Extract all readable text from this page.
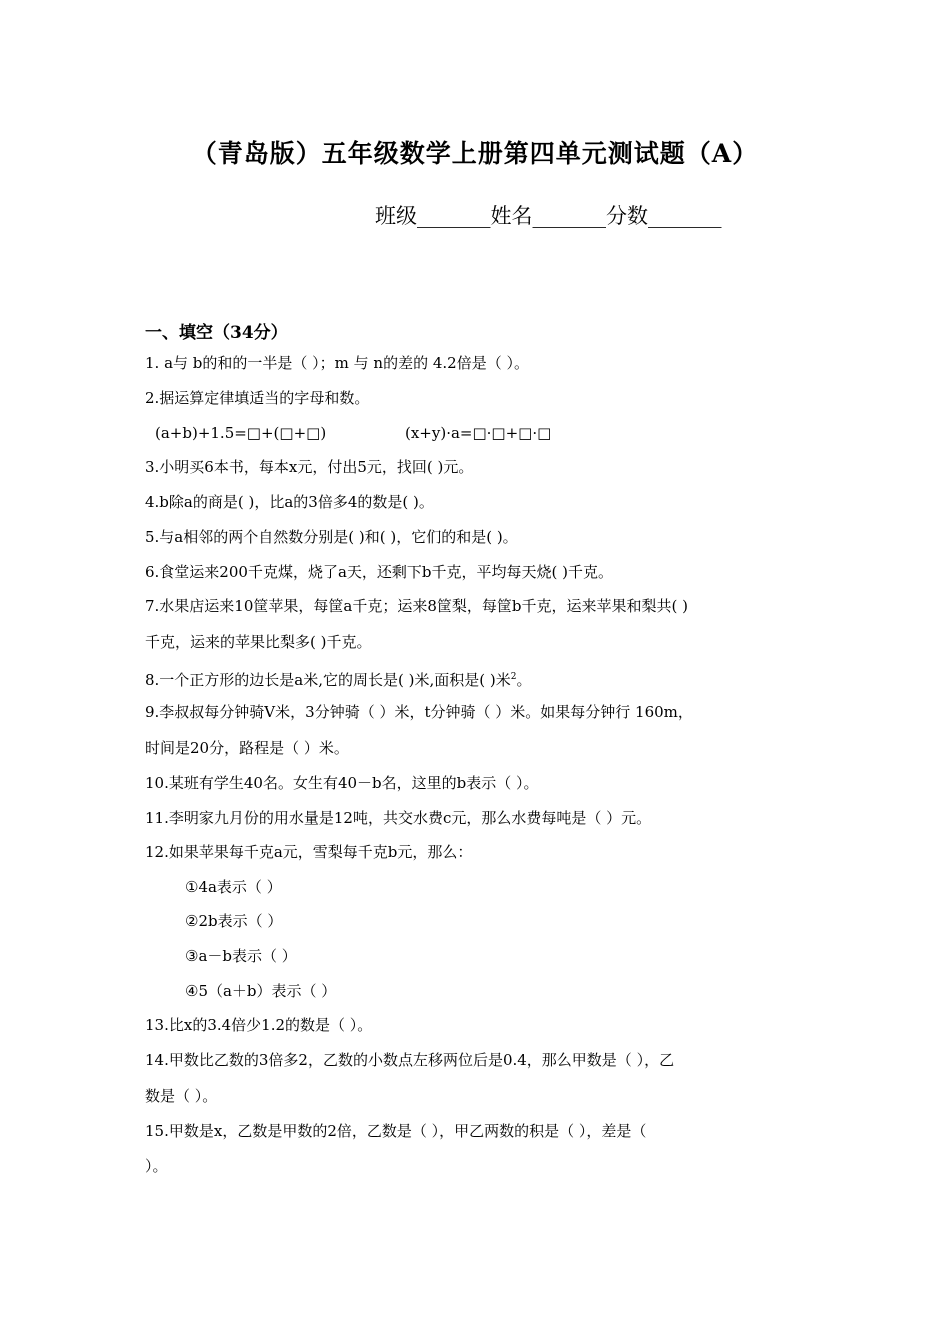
（青岛版）五年级数学上册第四单元测试题（A）
班级_______姓名_______分数_______
一、填空（34分）
1. a与 b的和的一半是（ ）；m 与 n的差的 4.2倍是（ ）。
2.据运算定律填适当的字母和数。
(a+b)+1.5=□+(□+□)	(x+y)·a=□·□+□·□
3.小明买6本书，每本x元，付出5元，找回( )元。
4.b除a的商是( )，比a的3倍多4的数是( )。
5.与a相邻的两个自然数分别是( )和( )，它们的和是( )。
6.食堂运来200千克煤，烧了a天，还剩下b千克，平均每天烧( )千克。
7.水果店运来10筐苹果，每筐a千克；运来8筐梨，每筐b千克，运来苹果和梨共( )
千克，运来的苹果比梨多( )千克。
8.一个正方形的边长是a米,它的周长是( )米,面积是( )米$^2$。
9.李叔叔每分钟骑V米，3分钟骑（ ）米，t分钟骑（ ）米。如果每分钟行 160m，
时间是20分，路程是（ ）米。
10.某班有学生40名。女生有40－b名，这里的b表示（ ）。
11.李明家九月份的用水量是12吨，共交水费c元，那么水费每吨是（ ）元。
12.如果苹果每千克a元，雪梨每千克b元，那么：
①4a表示（ ）
②2b表示（ ）
③a－b表示（ ）
④5（a＋b）表示（ ）
13.比x的3.4倍少1.2的数是（ ）。
14.甲数比乙数的3倍多2，乙数的小数点左移两位后是0.4，那么甲数是（ ），乙
数是（ ）。
15.甲数是x，乙数是甲数的2倍，乙数是（ ），甲乙两数的积是（ ），差是（
）。
